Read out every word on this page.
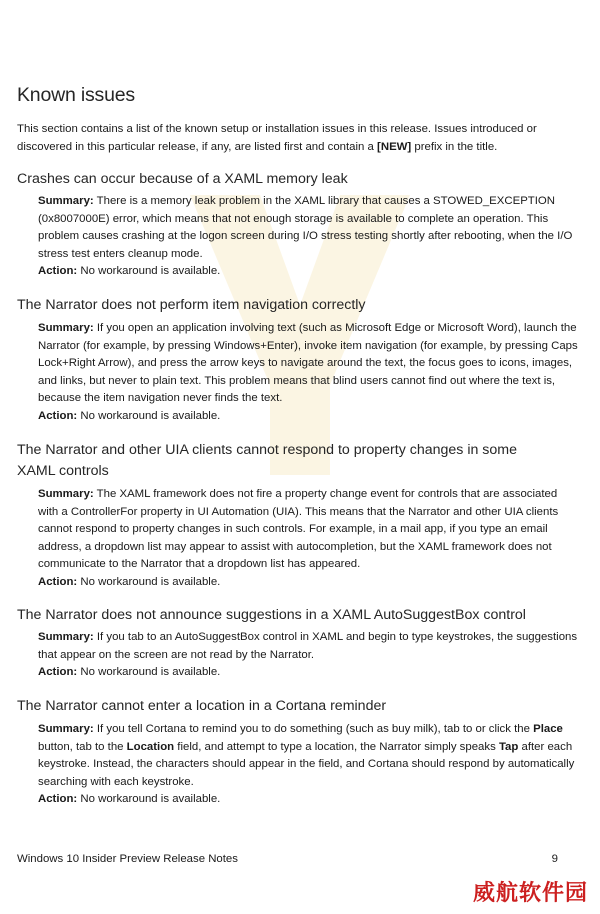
Known issues

This section contains a list of the known setup or installation issues in this release. Issues introduced or discovered in this particular release, if any, are listed first and contain a [NEW] prefix in the title.

Crashes can occur because of a XAML memory leak

Summary: There is a memory leak problem in the XAML library that causes a STOWED_EXCEPTION (0x8007000E) error, which means that not enough storage is available to complete an operation. This problem causes crashing at the logon screen during I/O stress testing shortly after rebooting, when the I/O stress test enters cleanup mode.

Action: No workaround is available.

The Narrator does not perform item navigation correctly

Summary: If you open an application involving text (such as Microsoft Edge or Microsoft Word), launch the Narrator (for example, by pressing Windows+Enter), invoke item navigation (for example, by pressing Caps Lock+Right Arrow), and press the arrow keys to navigate around the text, the focus goes to icons, images, and links, but never to plain text. This problem means that blind users cannot find out where the text is, because the item navigation never finds the text.

Action: No workaround is available.

The Narrator and other UIA clients cannot respond to property changes in some XAML controls

Summary: The XAML framework does not fire a property change event for controls that are associated with a ControllerFor property in UI Automation (UIA). This means that the Narrator and other UIA clients cannot respond to property changes in such controls. For example, in a mail app, if you type an email address, a dropdown list may appear to assist with autocompletion, but the XAML framework does not communicate to the Narrator that a dropdown list has appeared.

Action: No workaround is available.

The Narrator does not announce suggestions in a XAML AutoSuggestBox control

Summary: If you tab to an AutoSuggestBox control in XAML and begin to type keystrokes, the suggestions that appear on the screen are not read by the Narrator.

Action: No workaround is available.

The Narrator cannot enter a location in a Cortana reminder

Summary: If you tell Cortana to remind you to do something (such as buy milk), tab to or click the Place button, tab to the Location field, and attempt to type a location, the Narrator simply speaks Tap after each keystroke. Instead, the characters should appear in the field, and Cortana should respond by automatically searching with each keystroke.

Action: No workaround is available.

Windows 10 Insider Preview Release Notes	9
威航软件园
